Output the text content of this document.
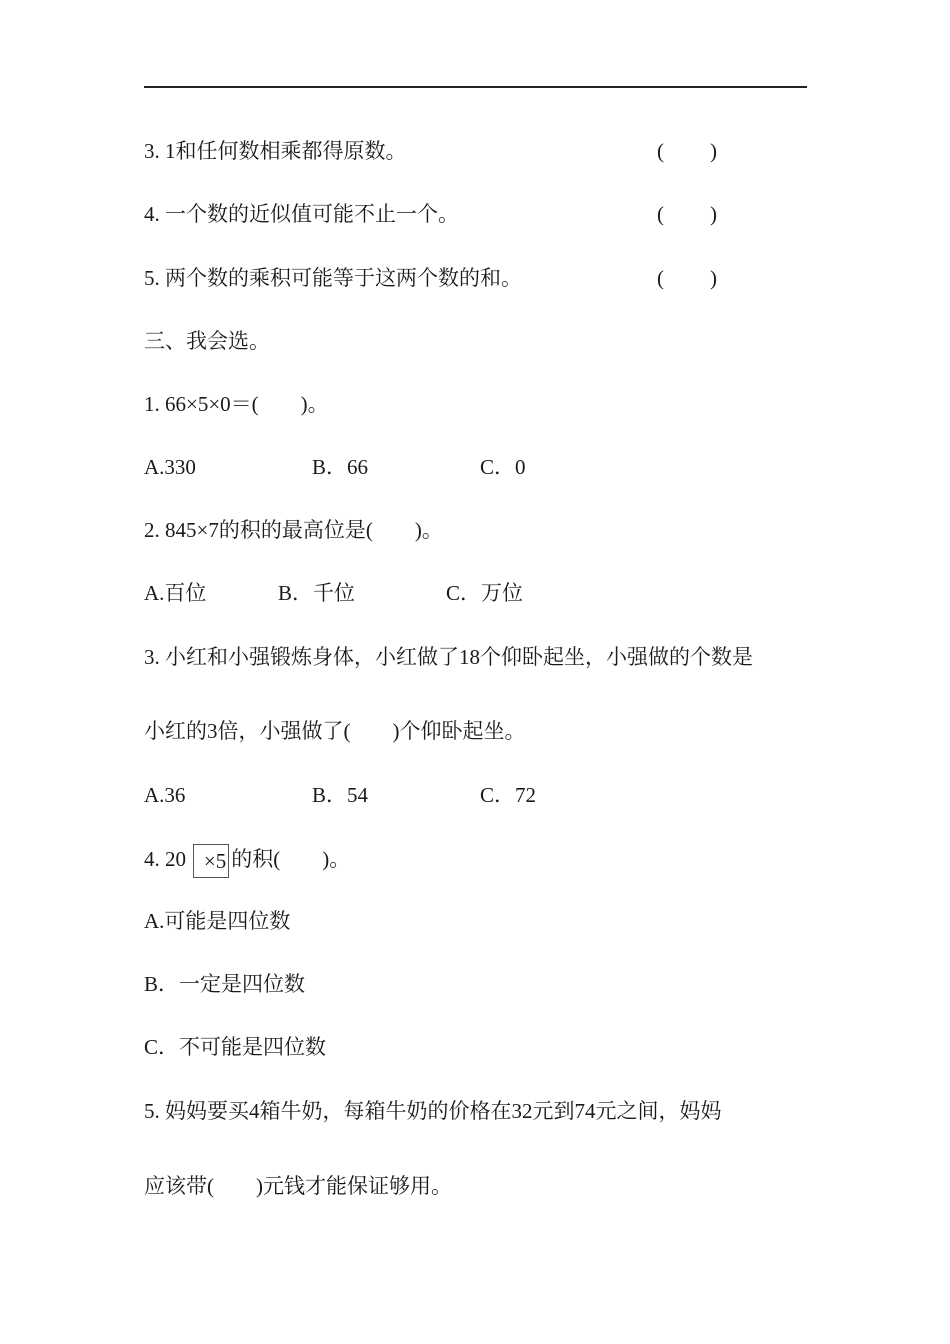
3. 1和任何数相乘都得原数。	( )
4. 一个数的近似值可能不止一个。	( )
5. 两个数的乘积可能等于这两个数的和。	( )
三、我会选。
1. 66×5×0＝(　　)。
A.330	B．66	C．0
2. 845×7的积的最高位是(　　)。
A.百位	B．千位	C．万位
3. 小红和小强锻炼身体，小红做了18个仰卧起坐，小强做的个数是
小红的3倍，小强做了(　　)个仰卧起坐。
A.36	B．54	C．72
4. 20 ×5 的积(　　)。
A.可能是四位数
B．一定是四位数
C．不可能是四位数
5. 妈妈要买4箱牛奶，每箱牛奶的价格在32元到74元之间，妈妈
应该带(　　)元钱才能保证够用。
